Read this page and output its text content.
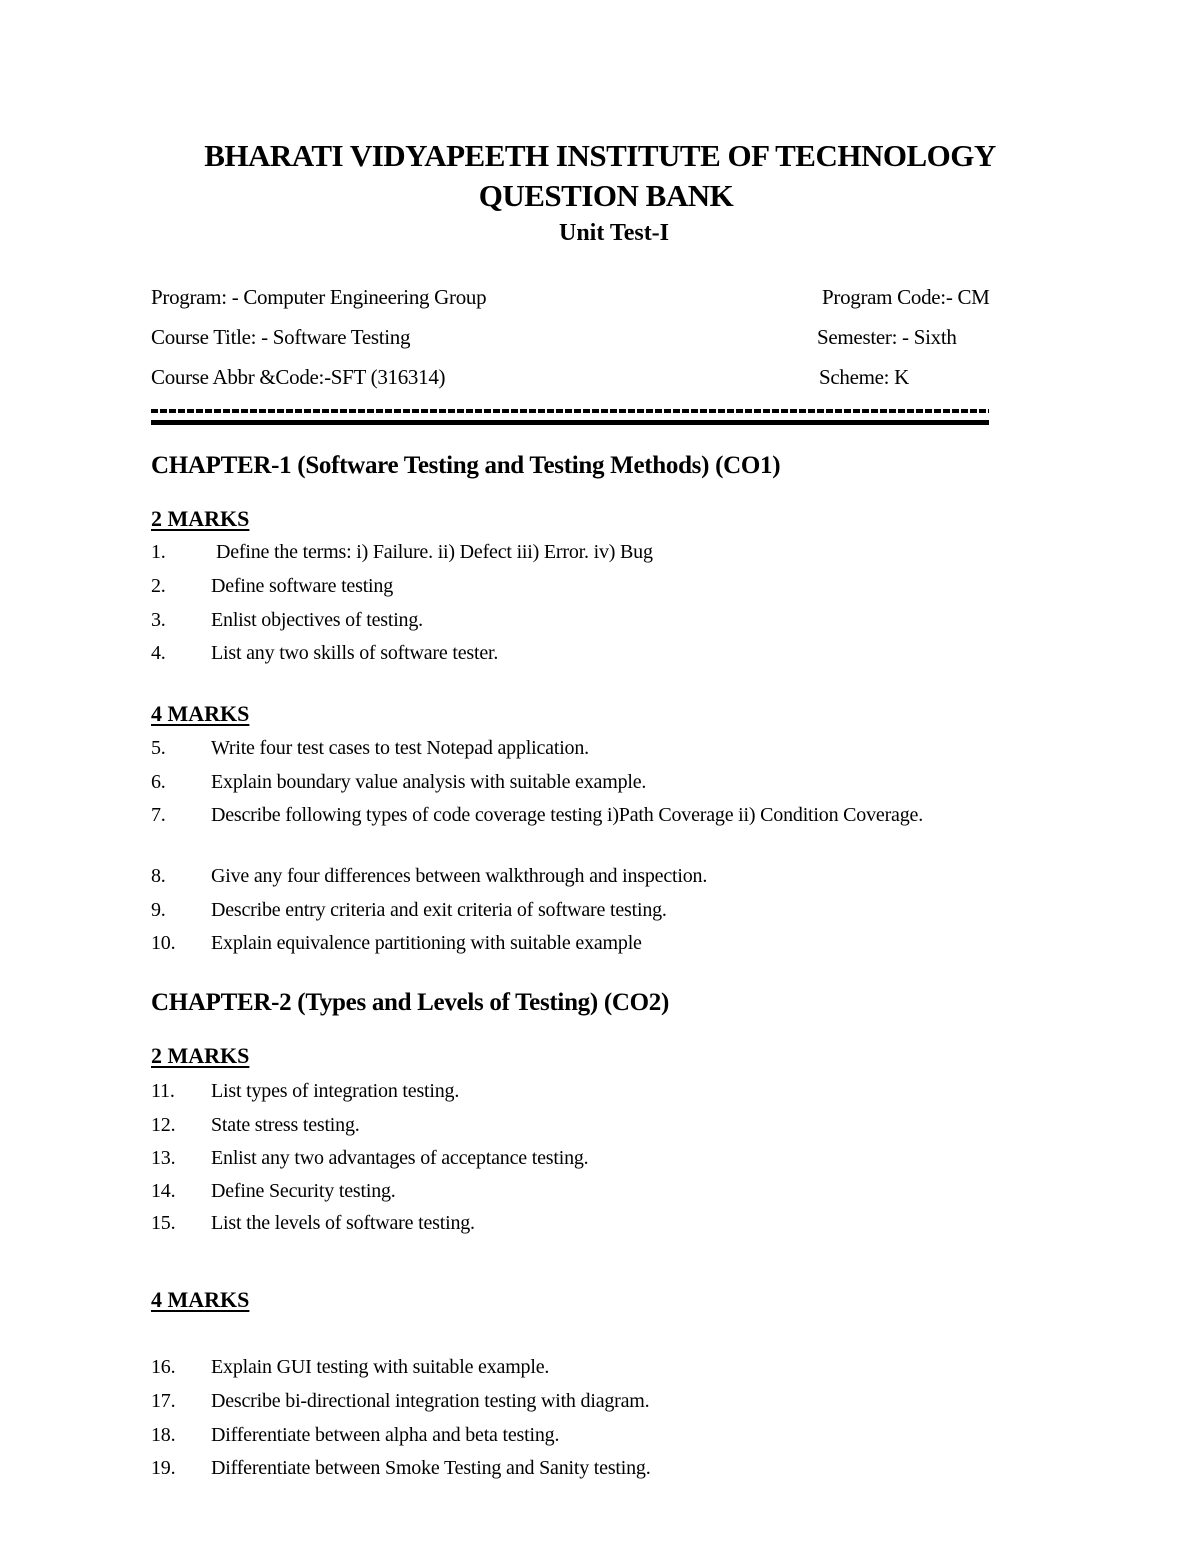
BHARATI VIDYAPEETH INSTITUTE OF TECHNOLOGY
QUESTION BANK
Unit Test-I
Program: - Computer Engineering Group	Program Code:- CM
Course Title: - Software Testing	Semester: - Sixth
Course Abbr &Code:-SFT (316314)	Scheme: K
CHAPTER-1 (Software Testing and Testing Methods) (CO1)
2 MARKS
1.	Define the terms: i) Failure. ii) Defect iii) Error. iv) Bug
2. Define software testing
3. Enlist objectives of testing.
4. List any two skills of software tester.
4 MARKS
5. Write four test cases to test Notepad application.
6. Explain boundary value analysis with suitable example.
7. Describe following types of code coverage testing i)Path Coverage ii) Condition Coverage.
8. Give any four differences between walkthrough and inspection.
9. Describe entry criteria and exit criteria of software testing.
10. Explain equivalence partitioning with suitable example
CHAPTER-2 (Types and Levels of Testing) (CO2)
2 MARKS
11. List types of integration testing.
12. State stress testing.
13. Enlist any two advantages of acceptance testing.
14. Define Security testing.
15. List the levels of software testing.
4 MARKS
16. Explain GUI testing with suitable example.
17. Describe bi-directional integration testing with diagram.
18. Differentiate between alpha and beta testing.
19. Differentiate between Smoke Testing and Sanity testing.
